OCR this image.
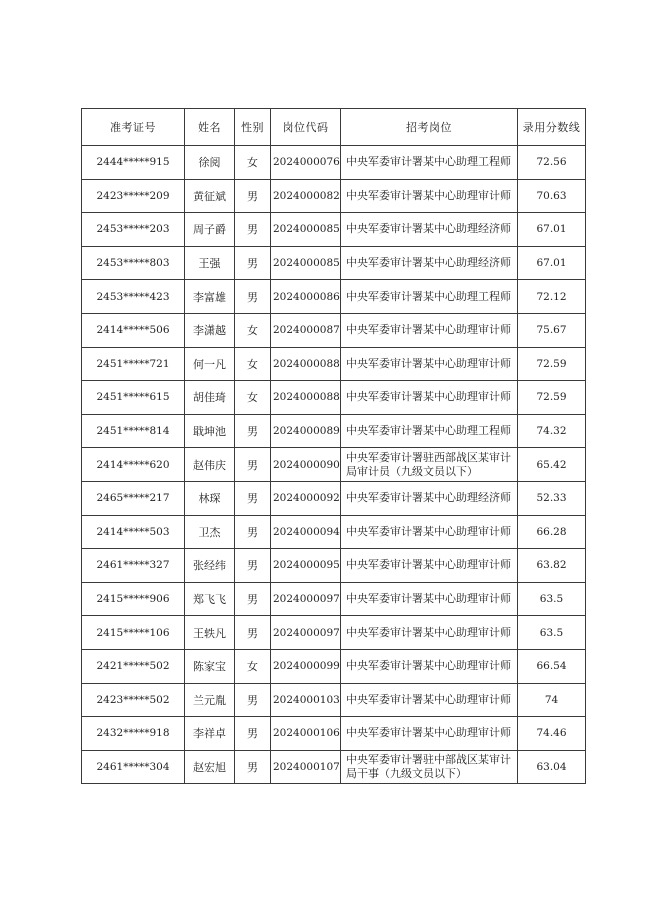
准考证号	姓名	性别	岗位代码	招考岗位	录用分数线
2444*****915	徐阅	女	2024000076	中央军委审计署某中心助理工程师	72.56
2423*****209	黄征斌	男	2024000082	中央军委审计署某中心助理审计师	70.63
2453*****203	周子爵	男	2024000085	中央军委审计署某中心助理经济师	67.01
2453*****803	王强	男	2024000085	中央军委审计署某中心助理经济师	67.01
2453*****423	李富雄	男	2024000086	中央军委审计署某中心助理工程师	72.12
2414*****506	李潇越	女	2024000087	中央军委审计署某中心助理审计师	75.67
2451*****721	何一凡	女	2024000088	中央军委审计署某中心助理审计师	72.59
2451*****615	胡佳琦	女	2024000088	中央军委审计署某中心助理审计师	72.59
2451*****814	戢坤池	男	2024000089	中央军委审计署某中心助理工程师	74.32
2414*****620	赵伟庆	男	2024000090	中央军委审计署驻西部战区某审计局审计员（九级文员以下）	65.42
2465*****217	林琛	男	2024000092	中央军委审计署某中心助理经济师	52.33
2414*****503	卫杰	男	2024000094	中央军委审计署某中心助理审计师	66.28
2461*****327	张经纬	男	2024000095	中央军委审计署某中心助理审计师	63.82
2415*****906	郑飞飞	男	2024000097	中央军委审计署某中心助理审计师	63.5
2415*****106	王轶凡	男	2024000097	中央军委审计署某中心助理审计师	63.5
2421*****502	陈家宝	女	2024000099	中央军委审计署某中心助理审计师	66.54
2423*****502	兰元胤	男	2024000103	中央军委审计署某中心助理审计师	74
2432*****918	李祥卓	男	2024000106	中央军委审计署某中心助理审计师	74.46
2461*****304	赵宏旭	男	2024000107	中央军委审计署驻中部战区某审计局干事（九级文员以下）	63.04
